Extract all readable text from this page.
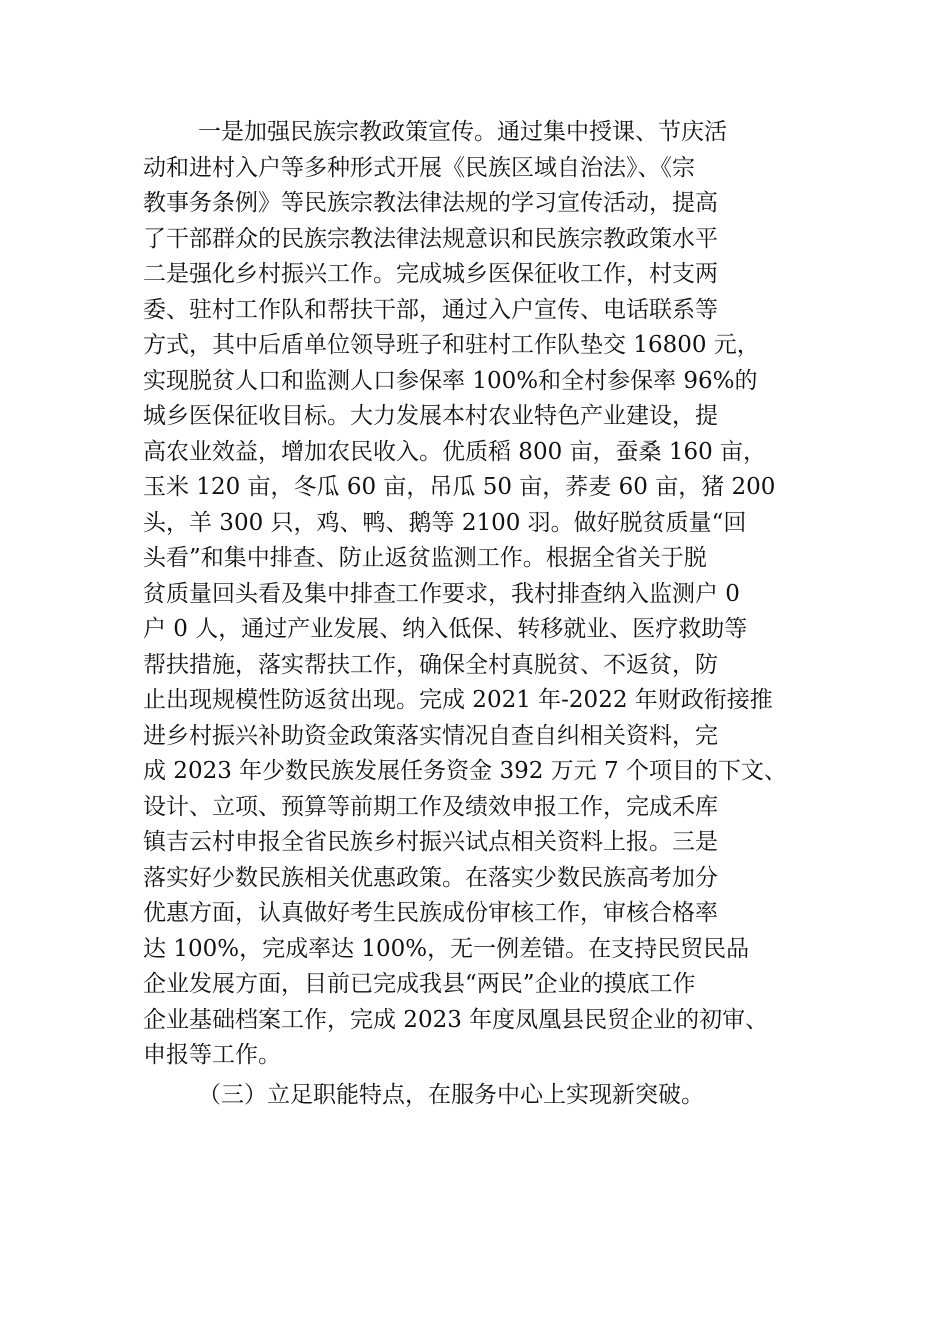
一是加强民族宗教政策宣传。通过集中授课、节庆活
动和进村入户等多种形式开展《民族区域自治法》、《宗
教事务条例》等民族宗教法律法规的学习宣传活动，提高
了干部群众的民族宗教法律法规意识和民族宗教政策水平
二是强化乡村振兴工作。完成城乡医保征收工作，村支两
委、驻村工作队和帮扶干部，通过入户宣传、电话联系等
方式，其中后盾单位领导班子和驻村工作队垫交 16800 元，
实现脱贫人口和监测人口参保率 100%和全村参保率 96%的
城乡医保征收目标。大力发展本村农业特色产业建设，提
高农业效益，增加农民收入。优质稻 800 亩，蚕桑 160 亩，
玉米 120 亩，冬瓜 60 亩，吊瓜 50 亩，荞麦 60 亩，猪 200
头，羊 300 只，鸡、鸭、鹅等 2100 羽。做好脱贫质量“回
头看”和集中排查、防止返贫监测工作。根据全省关于脱
贫质量回头看及集中排查工作要求，我村排查纳入监测户 0
户 0 人，通过产业发展、纳入低保、转移就业、医疗救助等
帮扶措施，落实帮扶工作，确保全村真脱贫、不返贫，防
止出现规模性防返贫出现。完成 2021 年-2022 年财政衔接推
进乡村振兴补助资金政策落实情况自查自纠相关资料，完
成 2023 年少数民族发展任务资金 392 万元 7 个项目的下文、
设计、立项、预算等前期工作及绩效申报工作，完成禾库
镇吉云村申报全省民族乡村振兴试点相关资料上报。三是
落实好少数民族相关优惠政策。在落实少数民族高考加分
优惠方面，认真做好考生民族成份审核工作，审核合格率
达 100%，完成率达 100%，无一例差错。在支持民贸民品
企业发展方面，目前已完成我县“两民”企业的摸底工作
企业基础档案工作，完成 2023 年度凤凰县民贸企业的初审、
申报等工作。
（三）立足职能特点，在服务中心上实现新突破。
